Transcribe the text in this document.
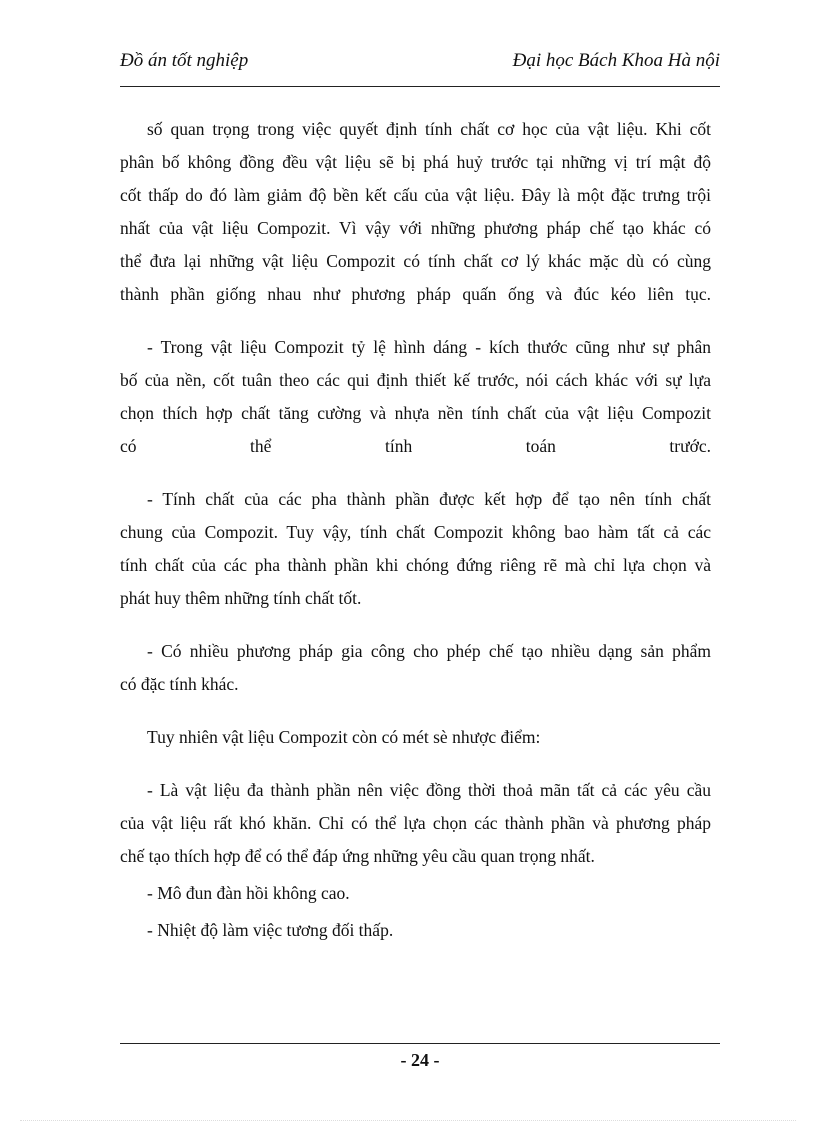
Đồ án tốt nghiệp	Đại học Bách Khoa Hà nội
số quan trọng trong việc quyết định tính chất cơ học của vật liệu. Khi cốt
phân bố không đồng đều vật liệu sẽ bị phá huỷ trước tại những vị trí mật độ
cốt thấp do đó làm giảm độ bền kết cấu của vật liệu. Đây là một đặc trưng trội
nhất của vật liệu Compozit. Vì vậy với những phương pháp chế tạo khác có
thể đưa lại những vật liệu Compozit có tính chất cơ lý khác mặc dù có cùng
thành phần giống nhau như phương pháp quấn ống và đúc kéo liên tục.
- Trong vật liệu Compozit tỷ lệ hình dáng - kích thước cũng như sự phân
bố của nền, cốt tuân theo các qui định thiết kế trước, nói cách khác với sự lựa
chọn thích hợp chất tăng cường và nhựa nền tính chất của vật liệu Compozit
có thể tính toán trước.
- Tính chất của các pha thành phần được kết hợp để tạo nên tính chất
chung của Compozit. Tuy vậy, tính chất Compozit không bao hàm tất cả các
tính chất của các pha thành phần khi chóng đứng riêng rẽ mà chỉ lựa chọn và
phát huy thêm những tính chất tốt.
- Có nhiều phương pháp gia công cho phép chế tạo nhiều dạng sản phẩm
có đặc tính khác.
Tuy nhiên vật liệu Compozit còn có mét sè nhược điểm:
- Là vật liệu đa thành phần nên việc đồng thời thoả mãn tất cả các yêu cầu
của vật liệu rất khó khăn. Chỉ có thể lựa chọn các thành phần và phương pháp
chế tạo thích hợp để có thể đáp ứng những yêu cầu quan trọng nhất.
- Mô đun đàn hồi không cao.
- Nhiệt độ làm việc tương đối thấp.
- 24 -
